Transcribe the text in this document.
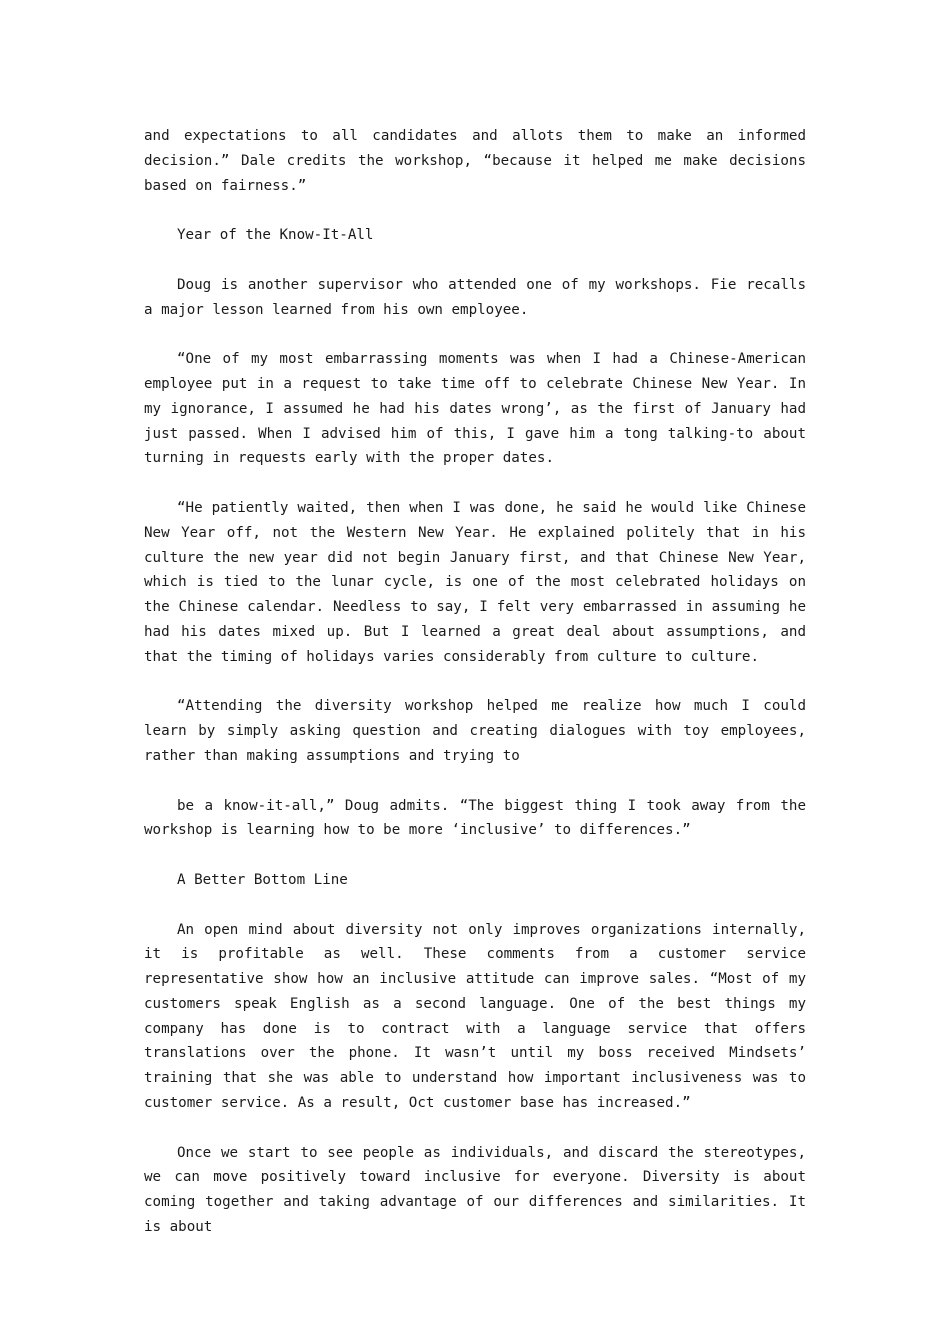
and expectations to all candidates and allots them to make an informed decision.” Dale credits the workshop, “because it helped me make decisions based on fairness.”

Year of the Know-It-All

Doug is another supervisor who attended one of my workshops. Fie recalls a major lesson learned from his own employee.

“One of my most embarrassing moments was when I had a Chinese-American employee put in a request to take time off to celebrate Chinese New Year. In my ignorance, I assumed he had his dates wrong’, as the first of January had just passed. When I advised him of this, I gave him a tong talking-to about turning in requests early with the proper dates.

“He patiently waited, then when I was done, he said he would like Chinese New Year off, not the Western New Year. He explained politely that in his culture the new year did not begin January first, and that Chinese New Year, which is tied to the lunar cycle, is one of the most celebrated holidays on the Chinese calendar. Needless to say, I felt very embarrassed in assuming he had his dates mixed up. But I learned a great deal about assumptions, and that the timing of holidays varies considerably from culture to culture.

“Attending the diversity workshop helped me realize how much I could learn by simply asking question and creating dialogues with toy employees, rather than making assumptions and trying to

be a know-it-all,” Doug admits. “The biggest thing I took away from the workshop is learning how to be more ‘inclusive’ to differences.”

A Better Bottom Line

An open mind about diversity not only improves organizations internally, it is profitable as well. These comments from a customer service representative show how an inclusive attitude can improve sales. “Most of my customers speak English as a second language. One of the best things my company has done is to contract with a language service that offers translations over the phone. It wasn’t until my boss received Mindsets’ training that she was able to understand how important inclusiveness was to customer service. As a result, Oct customer base has increased.”

Once we start to see people as individuals, and discard the stereotypes, we can move positively toward inclusive for everyone. Diversity is about coming together and taking advantage of our differences and similarities. It is about
